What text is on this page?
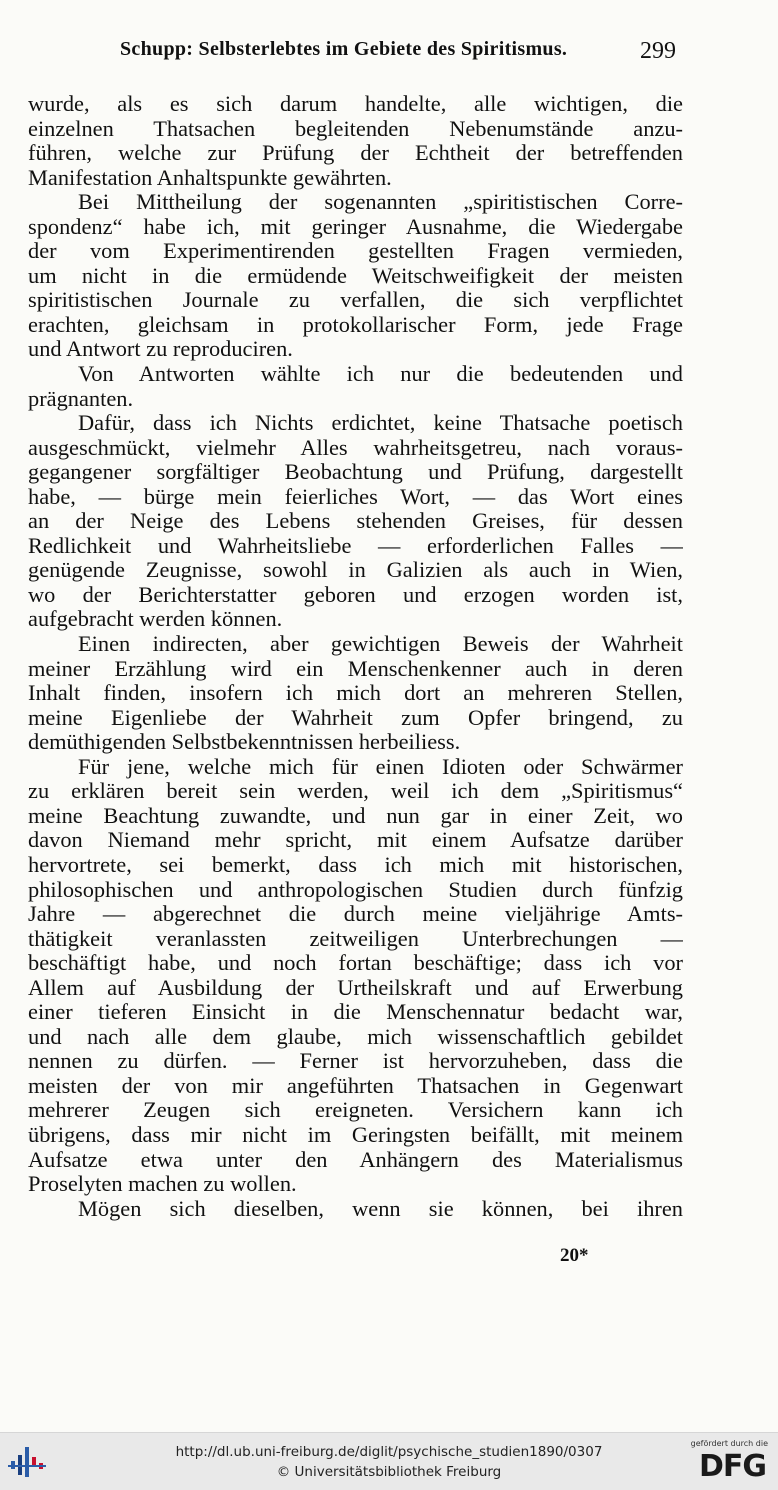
Schupp: Selbsterlebtes im Gebiete des Spiritismus.	299
wurde, als es sich darum handelte, alle wichtigen, die
einzelnen Thatsachen begleitenden Nebenumstände anzu-
führen, welche zur Prüfung der Echtheit der betreffenden
Manifestation Anhaltspunkte gewährten.
Bei Mittheilung der sogenannten „spiritistischen Corre-
spondenz“ habe ich, mit geringer Ausnahme, die Wiedergabe
der vom Experimentirenden gestellten Fragen vermieden,
um nicht in die ermüdende Weitschweifigkeit der meisten
spiritistischen Journale zu verfallen, die sich verpflichtet
erachten, gleichsam in protokollarischer Form, jede Frage
und Antwort zu reproduciren.
Von Antworten wählte ich nur die bedeutenden und
prägnanten.
Dafür, dass ich Nichts erdichtet, keine Thatsache poetisch
ausgeschmückt, vielmehr Alles wahrheitsgetreu, nach voraus-
gegangener sorgfältiger Beobachtung und Prüfung, dargestellt
habe, — bürge mein feierliches Wort, — das Wort eines
an der Neige des Lebens stehenden Greises, für dessen
Redlichkeit und Wahrheitsliebe — erforderlichen Falles —
genügende Zeugnisse, sowohl in Galizien als auch in Wien,
wo der Berichterstatter geboren und erzogen worden ist,
aufgebracht werden können.
Einen indirecten, aber gewichtigen Beweis der Wahrheit
meiner Erzählung wird ein Menschenkenner auch in deren
Inhalt finden, insofern ich mich dort an mehreren Stellen,
meine Eigenliebe der Wahrheit zum Opfer bringend, zu
demüthigenden Selbstbekenntnissen herbeiliess.
Für jene, welche mich für einen Idioten oder Schwärmer
zu erklären bereit sein werden, weil ich dem „Spiritismus“
meine Beachtung zuwandte, und nun gar in einer Zeit, wo
davon Niemand mehr spricht, mit einem Aufsatze darüber
hervortrete, sei bemerkt, dass ich mich mit historischen,
philosophischen und anthropologischen Studien durch fünfzig
Jahre — abgerechnet die durch meine vieljährige Amts-
thätigkeit veranlassten zeitweiligen Unterbrechungen —
beschäftigt habe, und noch fortan beschäftige; dass ich vor
Allem auf Ausbildung der Urtheilskraft und auf Erwerbung
einer tieferen Einsicht in die Menschennatur bedacht war,
und nach alle dem glaube, mich wissenschaftlich gebildet
nennen zu dürfen. — Ferner ist hervorzuheben, dass die
meisten der von mir angeführten Thatsachen in Gegenwart
mehrerer Zeugen sich ereigneten. Versichern kann ich
übrigens, dass mir nicht im Geringsten beifällt, mit meinem
Aufsatze etwa unter den Anhängern des Materialismus
Proselyten machen zu wollen.
Mögen sich dieselben, wenn sie können, bei ihren
20*
http://dl.ub.uni-freiburg.de/diglit/psychische_studien1890/0307
© Universitätsbibliothek Freiburg
gefördert durch die
DFG
